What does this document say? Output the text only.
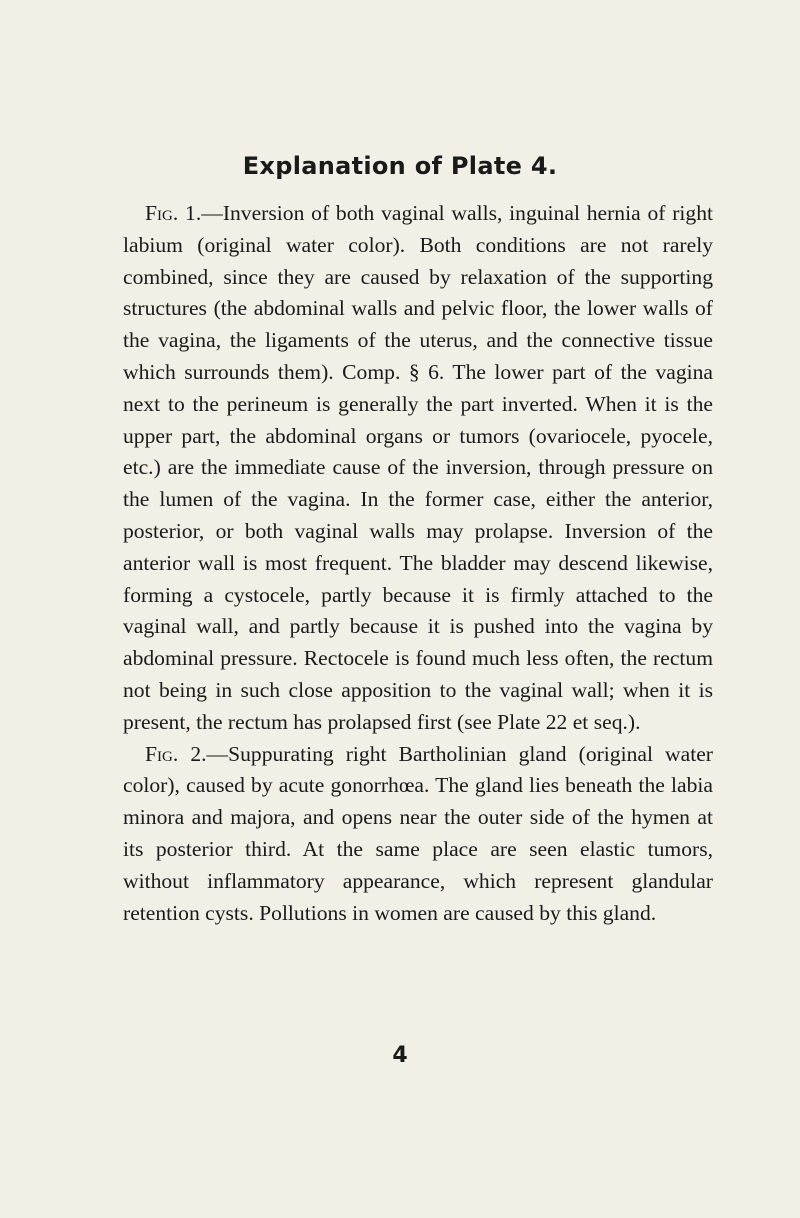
Explanation of Plate 4.

Fig. 1.—Inversion of both vaginal walls, inguinal hernia of right labium (original water color). Both conditions are not rarely combined, since they are caused by relaxation of the supporting structures (the abdominal walls and pelvic floor, the lower walls of the vagina, the ligaments of the uterus, and the connective tissue which surrounds them). Comp. § 6. The lower part of the vagina next to the perineum is generally the part inverted. When it is the upper part, the abdominal organs or tumors (ovariocele, pyocele, etc.) are the immediate cause of the inversion, through pressure on the lumen of the vagina. In the former case, either the anterior, posterior, or both vaginal walls may prolapse. Inversion of the anterior wall is most frequent. The bladder may descend likewise, forming a cystocele, partly because it is firmly attached to the vaginal wall, and partly because it is pushed into the vagina by abdominal pressure. Rectocele is found much less often, the rectum not being in such close apposition to the vaginal wall; when it is present, the rectum has prolapsed first (see Plate 22 et seq.).

Fig. 2.—Suppurating right Bartholinian gland (original water color), caused by acute gonorrhœa. The gland lies beneath the labia minora and majora, and opens near the outer side of the hymen at its posterior third. At the same place are seen elastic tumors, without inflammatory appearance, which represent glandular retention cysts. Pollutions in women are caused by this gland.

4
